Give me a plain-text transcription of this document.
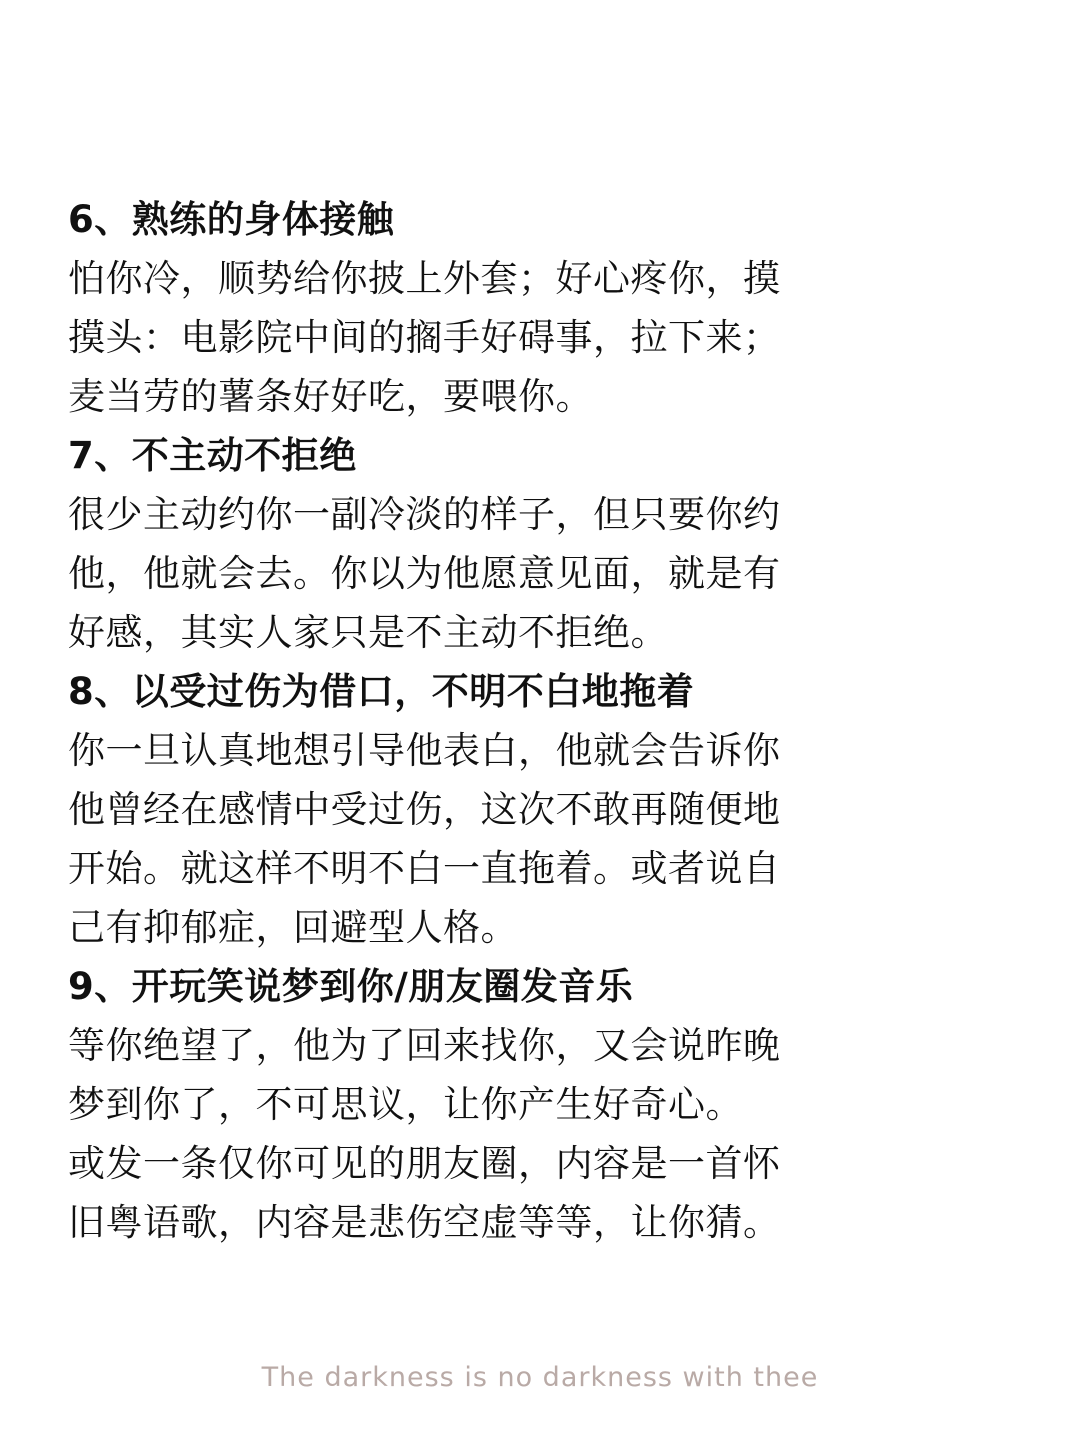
6、熟练的身体接触
怕你冷，顺势给你披上外套；好心疼你，摸
摸头：电影院中间的搁手好碍事，拉下来；
麦当劳的薯条好好吃，要喂你。
7、不主动不拒绝
很少主动约你一副冷淡的样子，但只要你约
他，他就会去。你以为他愿意见面，就是有
好感，其实人家只是不主动不拒绝。
8、以受过伤为借口，不明不白地拖着
你一旦认真地想引导他表白，他就会告诉你
他曾经在感情中受过伤，这次不敢再随便地
开始。就这样不明不白一直拖着。或者说自
己有抑郁症，回避型人格。
9、开玩笑说梦到你/朋友圈发音乐
等你绝望了，他为了回来找你，又会说昨晚
梦到你了，不可思议，让你产生好奇心。
或发一条仅你可见的朋友圈，内容是一首怀
旧粤语歌，内容是悲伤空虚等等，让你猜。
The darkness is no darkness with thee
